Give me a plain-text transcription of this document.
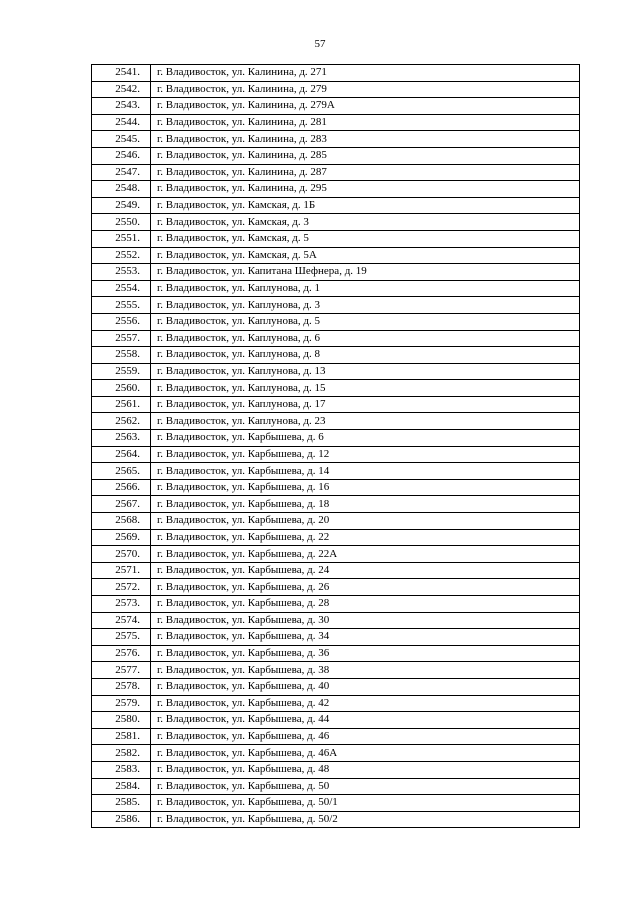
57
2541.	г. Владивосток, ул. Калинина, д. 271
2542.	г. Владивосток, ул. Калинина, д. 279
2543.	г. Владивосток, ул. Калинина, д. 279А
2544.	г. Владивосток, ул. Калинина, д. 281
2545.	г. Владивосток, ул. Калинина, д. 283
2546.	г. Владивосток, ул. Калинина, д. 285
2547.	г. Владивосток, ул. Калинина, д. 287
2548.	г. Владивосток, ул. Калинина, д. 295
2549.	г. Владивосток, ул. Камская, д. 1Б
2550.	г. Владивосток, ул. Камская, д. 3
2551.	г. Владивосток, ул. Камская, д. 5
2552.	г. Владивосток, ул. Камская, д. 5А
2553.	г. Владивосток, ул. Капитана Шефнера, д. 19
2554.	г. Владивосток, ул. Каплунова, д. 1
2555.	г. Владивосток, ул. Каплунова, д. 3
2556.	г. Владивосток, ул. Каплунова, д. 5
2557.	г. Владивосток, ул. Каплунова, д. 6
2558.	г. Владивосток, ул. Каплунова, д. 8
2559.	г. Владивосток, ул. Каплунова, д. 13
2560.	г. Владивосток, ул. Каплунова, д. 15
2561.	г. Владивосток, ул. Каплунова, д. 17
2562.	г. Владивосток, ул. Каплунова, д. 23
2563.	г. Владивосток, ул. Карбышева, д. 6
2564.	г. Владивосток, ул. Карбышева, д. 12
2565.	г. Владивосток, ул. Карбышева, д. 14
2566.	г. Владивосток, ул. Карбышева, д. 16
2567.	г. Владивосток, ул. Карбышева, д. 18
2568.	г. Владивосток, ул. Карбышева, д. 20
2569.	г. Владивосток, ул. Карбышева, д. 22
2570.	г. Владивосток, ул. Карбышева, д. 22А
2571.	г. Владивосток, ул. Карбышева, д. 24
2572.	г. Владивосток, ул. Карбышева, д. 26
2573.	г. Владивосток, ул. Карбышева, д. 28
2574.	г. Владивосток, ул. Карбышева, д. 30
2575.	г. Владивосток, ул. Карбышева, д. 34
2576.	г. Владивосток, ул. Карбышева, д. 36
2577.	г. Владивосток, ул. Карбышева, д. 38
2578.	г. Владивосток, ул. Карбышева, д. 40
2579.	г. Владивосток, ул. Карбышева, д. 42
2580.	г. Владивосток, ул. Карбышева, д. 44
2581.	г. Владивосток, ул. Карбышева, д. 46
2582.	г. Владивосток, ул. Карбышева, д. 46А
2583.	г. Владивосток, ул. Карбышева, д. 48
2584.	г. Владивосток, ул. Карбышева, д. 50
2585.	г. Владивосток, ул. Карбышева, д. 50/1
2586.	г. Владивосток, ул. Карбышева, д. 50/2
